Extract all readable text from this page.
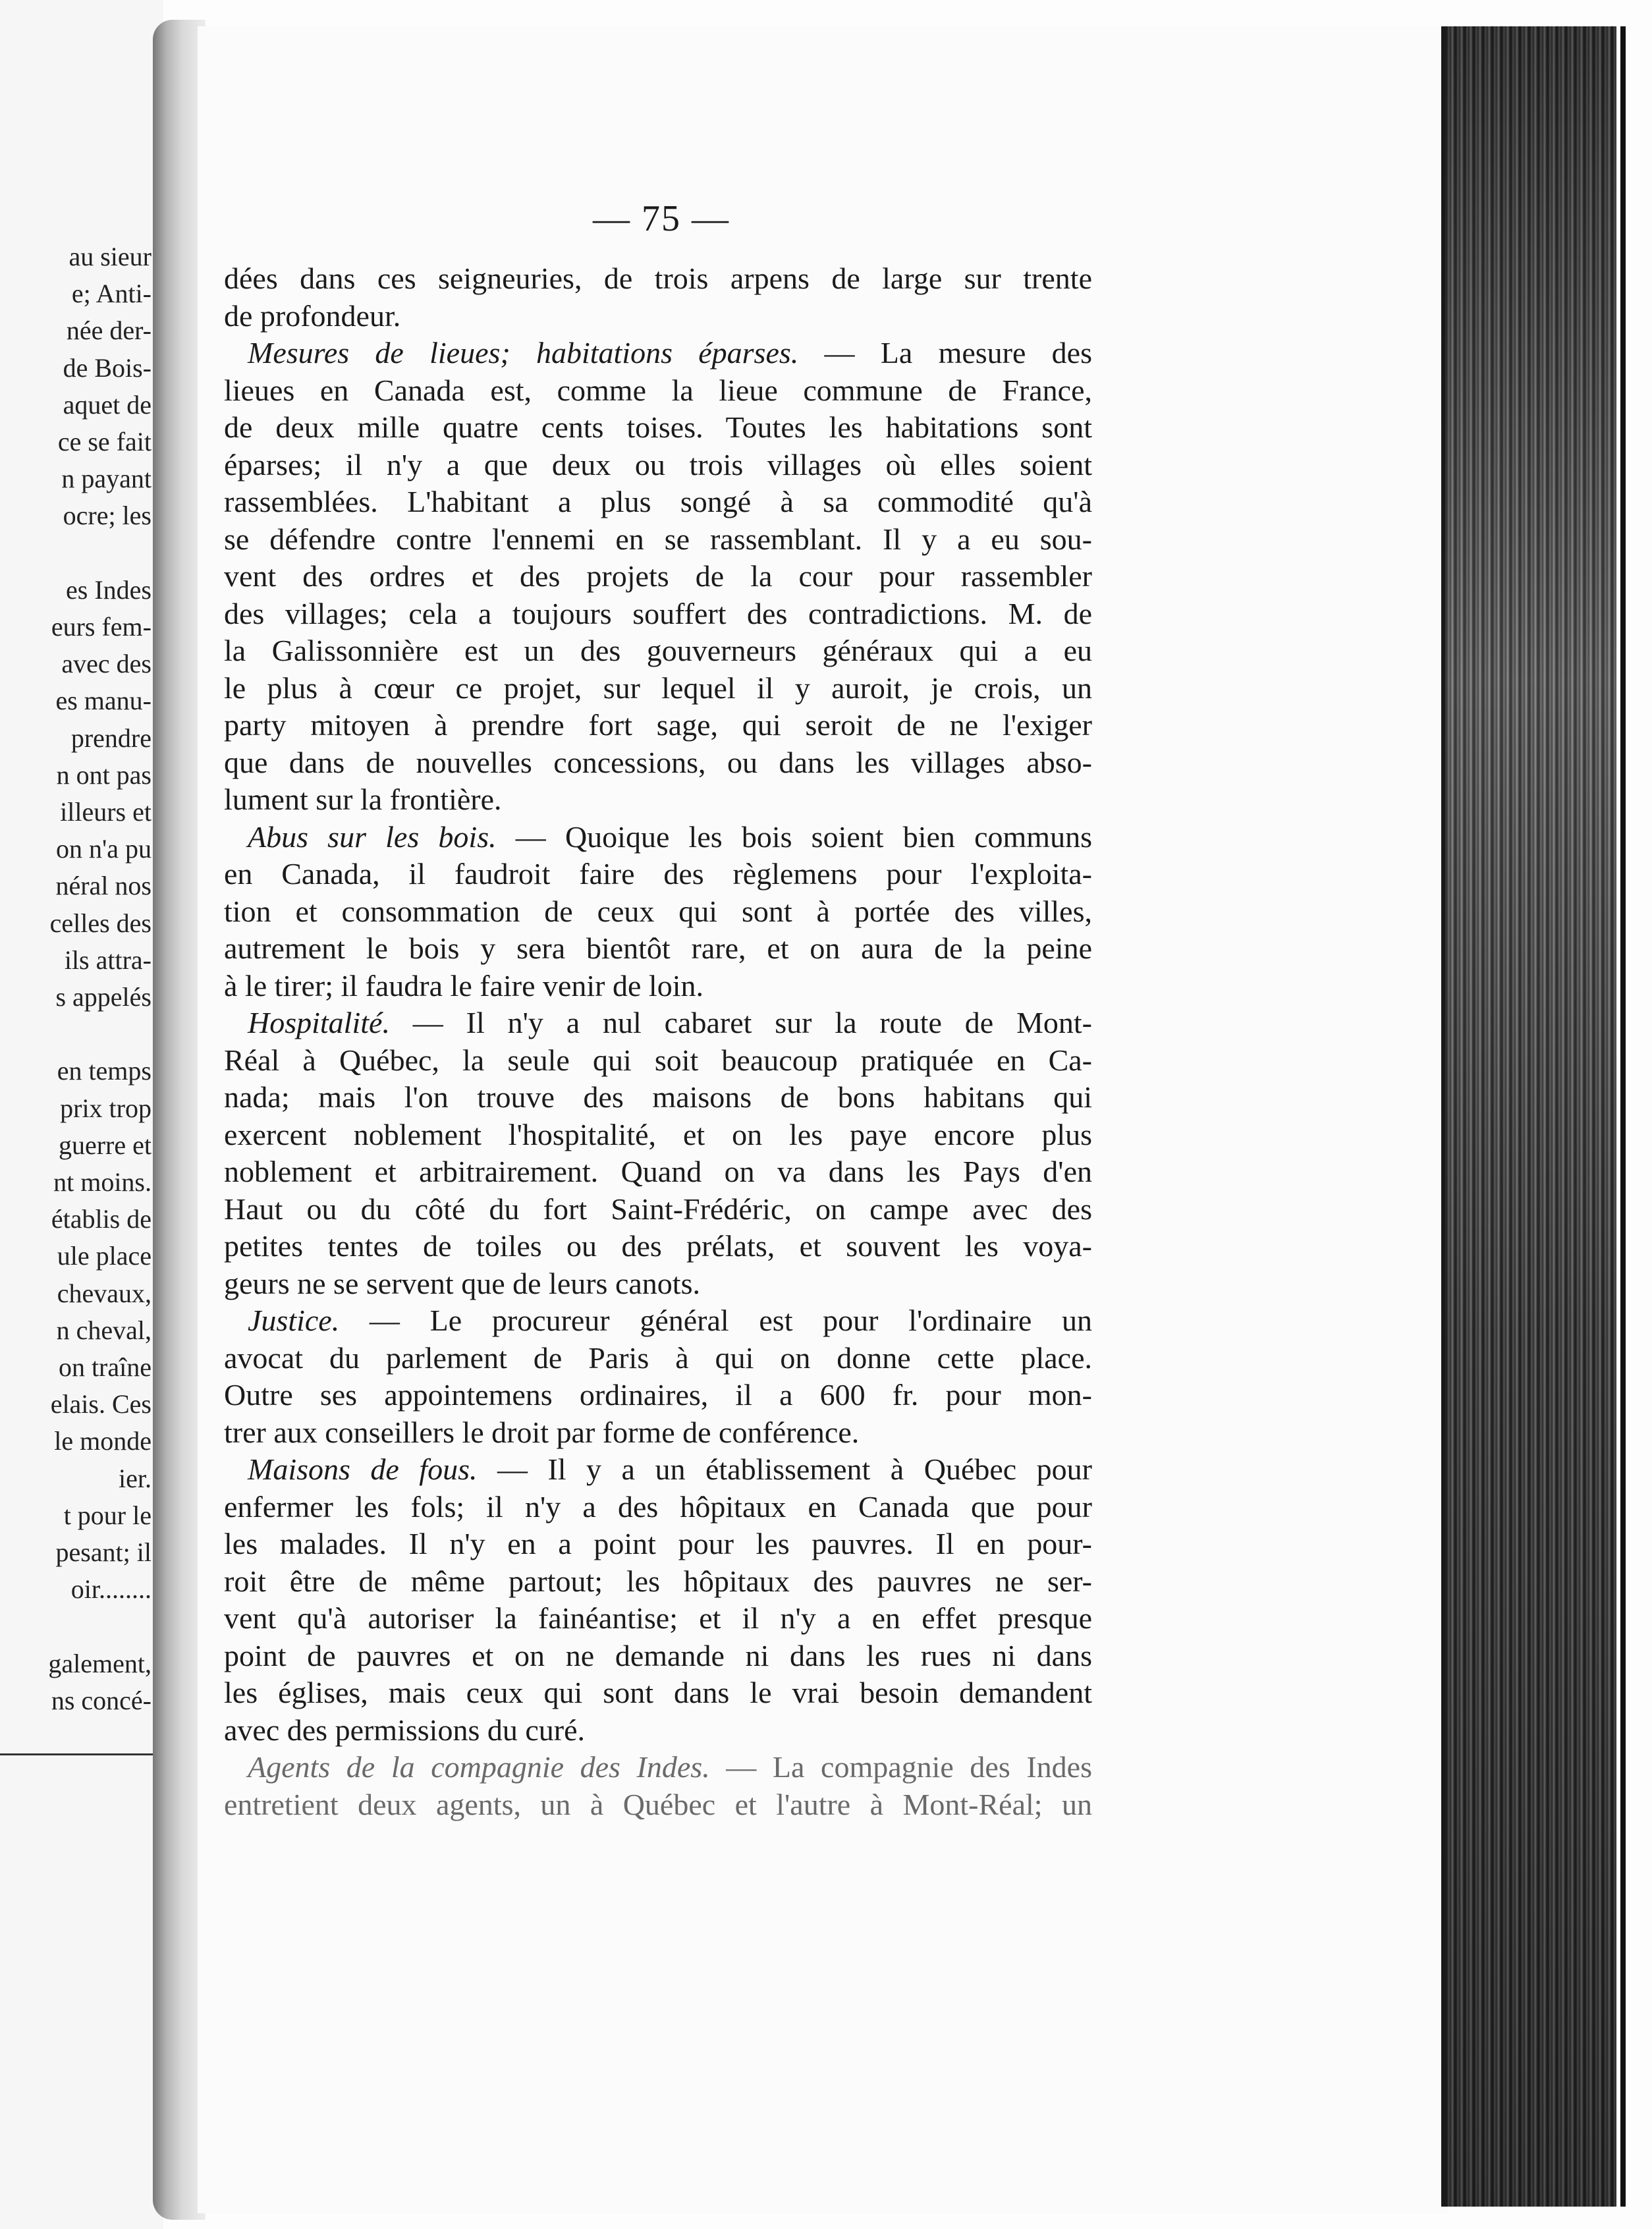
au sieur
e; Anti-
née der-
de Bois-
aquet de
ce se fait
n payant
ocre; les
es Indes
eurs fem-
avec des
es manu-
prendre
n ont pas
illeurs et
on n'a pu
néral nos
celles des
ils attra-
s appelés
en temps
prix trop
guerre et
nt moins.
établis de
ule place
chevaux,
n cheval,
on traîne
elais. Ces
le monde
ier.
t pour le
pesant; il
oir........
galement,
ns concé-
— 75 —
dées dans ces seigneuries, de trois arpens de large sur trente
de profondeur.
Mesures de lieues; habitations éparses. — La mesure des
lieues en Canada est, comme la lieue commune de France,
de deux mille quatre cents toises. Toutes les habitations sont
éparses; il n'y a que deux ou trois villages où elles soient
rassemblées. L'habitant a plus songé à sa commodité qu'à
se défendre contre l'ennemi en se rassemblant. Il y a eu sou-
vent des ordres et des projets de la cour pour rassembler
des villages; cela a toujours souffert des contradictions. M. de
la Galissonnière est un des gouverneurs généraux qui a eu
le plus à cœur ce projet, sur lequel il y auroit, je crois, un
party mitoyen à prendre fort sage, qui seroit de ne l'exiger
que dans de nouvelles concessions, ou dans les villages abso-
lument sur la frontière.
Abus sur les bois. — Quoique les bois soient bien communs
en Canada, il faudroit faire des règlemens pour l'exploita-
tion et consommation de ceux qui sont à portée des villes,
autrement le bois y sera bientôt rare, et on aura de la peine
à le tirer; il faudra le faire venir de loin.
Hospitalité. — Il n'y a nul cabaret sur la route de Mont-
Réal à Québec, la seule qui soit beaucoup pratiquée en Ca-
nada; mais l'on trouve des maisons de bons habitans qui
exercent noblement l'hospitalité, et on les paye encore plus
noblement et arbitrairement. Quand on va dans les Pays d'en
Haut ou du côté du fort Saint-Frédéric, on campe avec des
petites tentes de toiles ou des prélats, et souvent les voya-
geurs ne se servent que de leurs canots.
Justice. — Le procureur général est pour l'ordinaire un
avocat du parlement de Paris à qui on donne cette place.
Outre ses appointemens ordinaires, il a 600 fr. pour mon-
trer aux conseillers le droit par forme de conférence.
Maisons de fous. — Il y a un établissement à Québec pour
enfermer les fols; il n'y a des hôpitaux en Canada que pour
les malades. Il n'y en a point pour les pauvres. Il en pour-
roit être de même partout; les hôpitaux des pauvres ne ser-
vent qu'à autoriser la fainéantise; et il n'y a en effet presque
point de pauvres et on ne demande ni dans les rues ni dans
les églises, mais ceux qui sont dans le vrai besoin demandent
avec des permissions du curé.
Agents de la compagnie des Indes. — La compagnie des Indes
entretient deux agents, un à Québec et l'autre à Mont-Réal; un
